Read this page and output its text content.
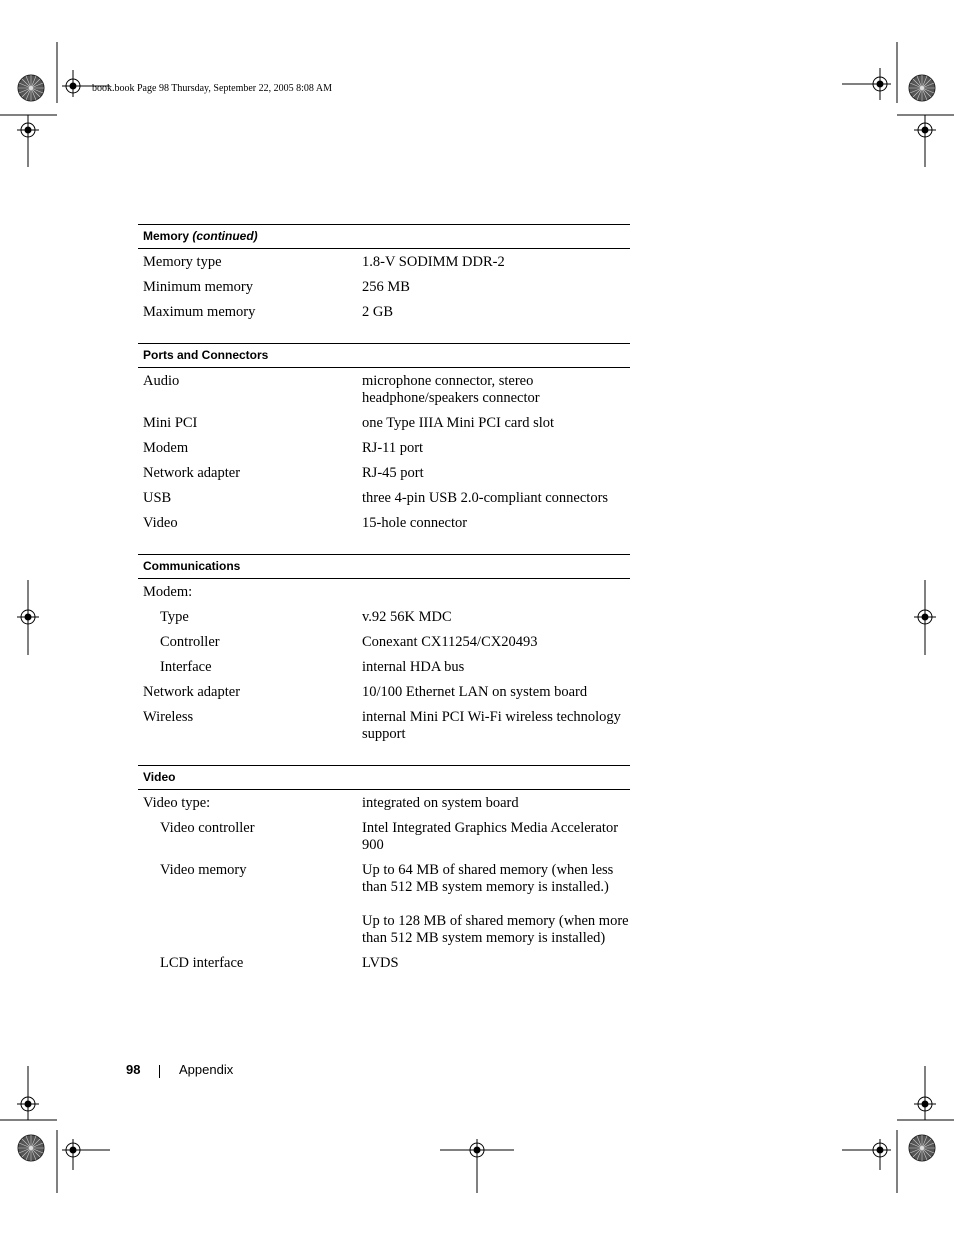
book.book Page 98 Thursday, September 22, 2005 8:08 AM
Memory (continued)
Memory type	1.8-V SODIMM DDR-2
Minimum memory	256 MB
Maximum memory	2 GB
Ports and Connectors
Audio	microphone connector, stereo headphone/speakers connector
Mini PCI	one Type IIIA Mini PCI card slot
Modem	RJ-11 port
Network adapter	RJ-45 port
USB	three 4-pin USB 2.0-compliant connectors
Video	15-hole connector
Communications
Modem:
Type	v.92 56K MDC
Controller	Conexant CX11254/CX20493
Interface	internal HDA bus
Network adapter	10/100 Ethernet LAN on system board
Wireless	internal Mini PCI Wi-Fi wireless technology support
Video
Video type:	integrated on system board
Video controller	Intel Integrated Graphics Media Accelerator 900
Video memory	Up to 64 MB of shared memory (when less than 512 MB system memory is installed.)
Up to 128 MB of shared memory (when more than 512 MB system memory is installed)
LCD interface	LVDS
98	Appendix
